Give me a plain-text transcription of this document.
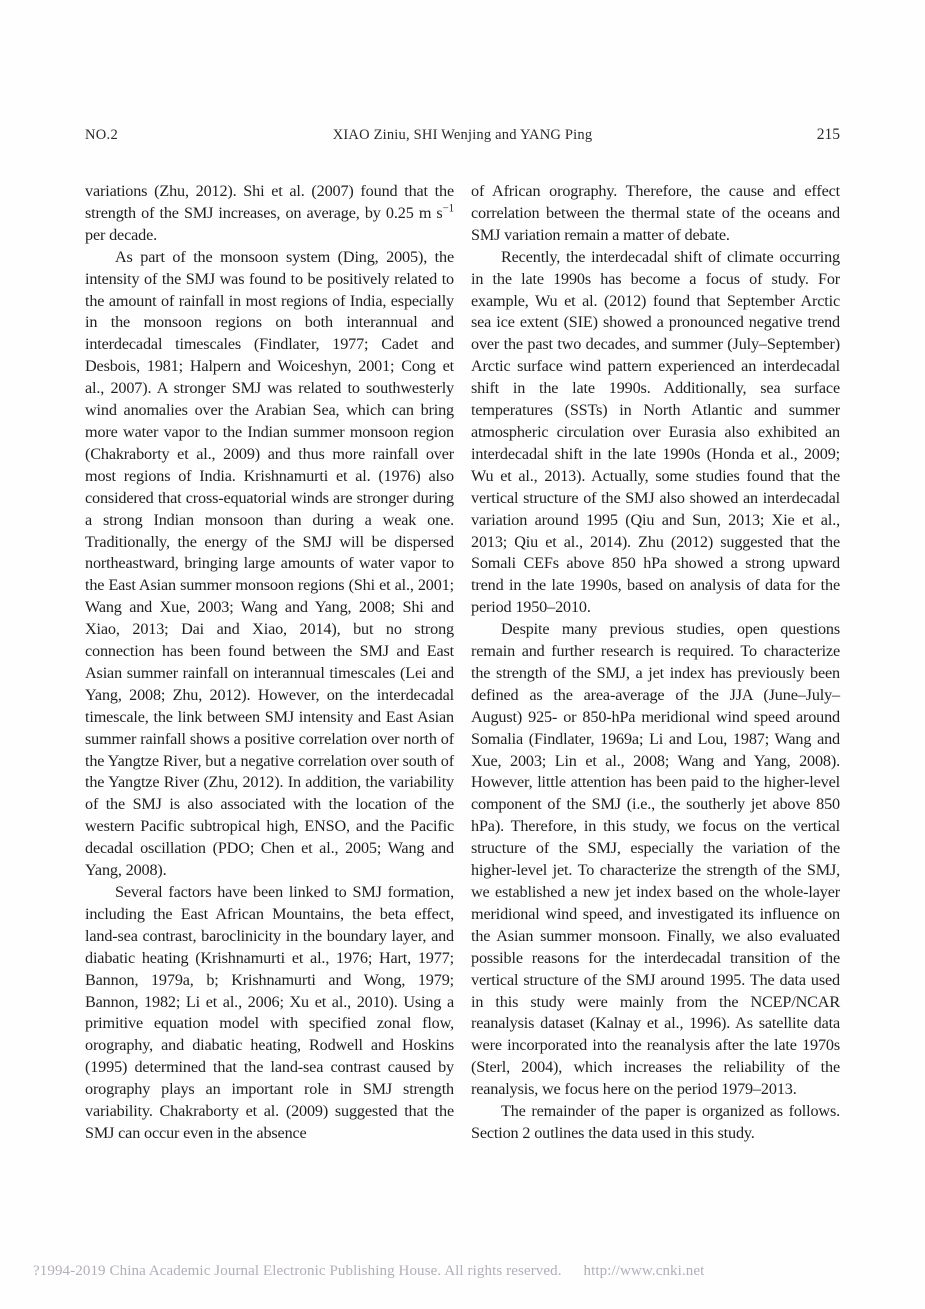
NO.2	XIAO Ziniu, SHI Wenjing and YANG Ping	215

variations (Zhu, 2012). Shi et al. (2007) found that the strength of the SMJ increases, on average, by 0.25 m $s^{-1}$ per decade.

As part of the monsoon system (Ding, 2005), the intensity of the SMJ was found to be positively related to the amount of rainfall in most regions of India, especially in the monsoon regions on both interannual and interdecadal timescales (Findlater, 1977; Cadet and Desbois, 1981; Halpern and Woiceshyn, 2001; Cong et al., 2007). A stronger SMJ was related to southwesterly wind anomalies over the Arabian Sea, which can bring more water vapor to the Indian summer monsoon region (Chakraborty et al., 2009) and thus more rainfall over most regions of India. Krishnamurti et al. (1976) also considered that cross-equatorial winds are stronger during a strong Indian monsoon than during a weak one. Traditionally, the energy of the SMJ will be dispersed northeastward, bringing large amounts of water vapor to the East Asian summer monsoon regions (Shi et al., 2001; Wang and Xue, 2003; Wang and Yang, 2008; Shi and Xiao, 2013; Dai and Xiao, 2014), but no strong connection has been found between the SMJ and East Asian summer rainfall on interannual timescales (Lei and Yang, 2008; Zhu, 2012). However, on the interdecadal timescale, the link between SMJ intensity and East Asian summer rainfall shows a positive correlation over north of the Yangtze River, but a negative correlation over south of the Yangtze River (Zhu, 2012). In addition, the variability of the SMJ is also associated with the location of the western Pacific subtropical high, ENSO, and the Pacific decadal oscillation (PDO; Chen et al., 2005; Wang and Yang, 2008).

Several factors have been linked to SMJ formation, including the East African Mountains, the beta effect, land-sea contrast, baroclinicity in the boundary layer, and diabatic heating (Krishnamurti et al., 1976; Hart, 1977; Bannon, 1979a, b; Krishnamurti and Wong, 1979; Bannon, 1982; Li et al., 2006; Xu et al., 2010). Using a primitive equation model with specified zonal flow, orography, and diabatic heating, Rodwell and Hoskins (1995) determined that the land-sea contrast caused by orography plays an important role in SMJ strength variability. Chakraborty et al. (2009) suggested that the SMJ can occur even in the absence

of African orography. Therefore, the cause and effect correlation between the thermal state of the oceans and SMJ variation remain a matter of debate.

Recently, the interdecadal shift of climate occurring in the late 1990s has become a focus of study. For example, Wu et al. (2012) found that September Arctic sea ice extent (SIE) showed a pronounced negative trend over the past two decades, and summer (July–September) Arctic surface wind pattern experienced an interdecadal shift in the late 1990s. Additionally, sea surface temperatures (SSTs) in North Atlantic and summer atmospheric circulation over Eurasia also exhibited an interdecadal shift in the late 1990s (Honda et al., 2009; Wu et al., 2013). Actually, some studies found that the vertical structure of the SMJ also showed an interdecadal variation around 1995 (Qiu and Sun, 2013; Xie et al., 2013; Qiu et al., 2014). Zhu (2012) suggested that the Somali CEFs above 850 hPa showed a strong upward trend in the late 1990s, based on analysis of data for the period 1950–2010.

Despite many previous studies, open questions remain and further research is required. To characterize the strength of the SMJ, a jet index has previously been defined as the area-average of the JJA (June–July–August) 925- or 850-hPa meridional wind speed around Somalia (Findlater, 1969a; Li and Lou, 1987; Wang and Xue, 2003; Lin et al., 2008; Wang and Yang, 2008). However, little attention has been paid to the higher-level component of the SMJ (i.e., the southerly jet above 850 hPa). Therefore, in this study, we focus on the vertical structure of the SMJ, especially the variation of the higher-level jet. To characterize the strength of the SMJ, we established a new jet index based on the whole-layer meridional wind speed, and investigated its influence on the Asian summer monsoon. Finally, we also evaluated possible reasons for the interdecadal transition of the vertical structure of the SMJ around 1995. The data used in this study were mainly from the NCEP/NCAR reanalysis dataset (Kalnay et al., 1996). As satellite data were incorporated into the reanalysis after the late 1970s (Sterl, 2004), which increases the reliability of the reanalysis, we focus here on the period 1979–2013.

The remainder of the paper is organized as follows. Section 2 outlines the data used in this study.

?1994-2019 China Academic Journal Electronic Publishing House. All rights reserved. http://www.cnki.net
